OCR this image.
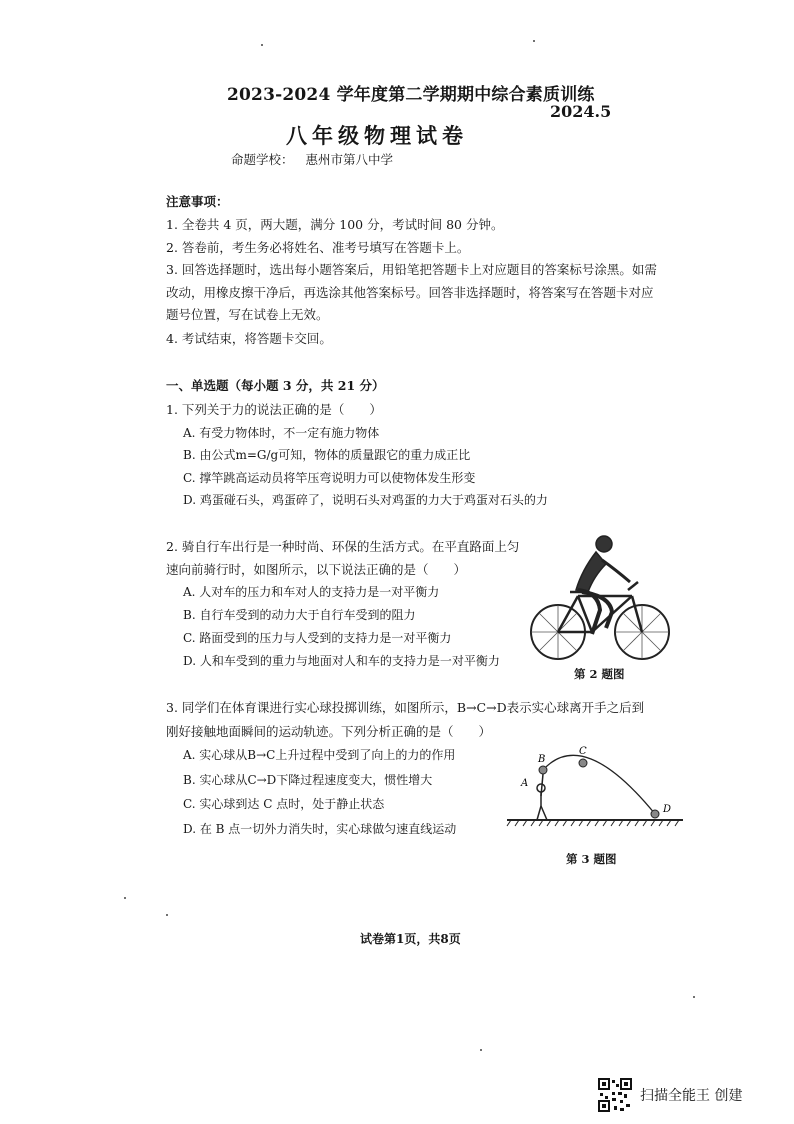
2023-2024 学年度第二学期期中综合素质训练
2024.5
八年级物理试卷
命题学校： 惠州市第八中学
注意事项：
1. 全卷共 4 页，两大题，满分 100 分，考试时间 80 分钟。
2. 答卷前，考生务必将姓名、准考号填写在答题卡上。
3. 回答选择题时，选出每小题答案后，用铅笔把答题卡上对应题目的答案标号涂黑。如需改动，用橡皮擦干净后，再选涂其他答案标号。回答非选择题时，将答案写在答题卡对应题号位置，写在试卷上无效。
4. 考试结束，将答题卡交回。
一、单选题（每小题 3 分，共 21 分）
1. 下列关于力的说法正确的是（　　）
A. 有受力物体时，不一定有施力物体
B. 由公式m=G/g可知，物体的质量跟它的重力成正比
C. 撑竿跳高运动员将竿压弯说明力可以使物体发生形变
D. 鸡蛋碰石头，鸡蛋碎了，说明石头对鸡蛋的力大于鸡蛋对石头的力
2. 骑自行车出行是一种时尚、环保的生活方式。在平直路面上匀
速向前骑行时，如图所示，以下说法正确的是（　　）
A. 人对车的压力和车对人的支持力是一对平衡力
B. 自行车受到的动力大于自行车受到的阻力
C. 路面受到的压力与人受到的支持力是一对平衡力
D. 人和车受到的重力与地面对人和车的支持力是一对平衡力
第 2 题图
3. 同学们在体育课进行实心球投掷训练，如图所示，B→C→D表示实心球离开手之后到
刚好接触地面瞬间的运动轨迹。下列分析正确的是（　　）
A. 实心球从B→C上升过程中受到了向上的力的作用
B. 实心球从C→D下降过程速度变大，惯性增大
C. 实心球到达 C 点时，处于静止状态
D. 在 B 点一切外力消失时，实心球做匀速直线运动
A
B
C
D
第 3 题图
试卷第1页，共8页
扫描全能王 创建
